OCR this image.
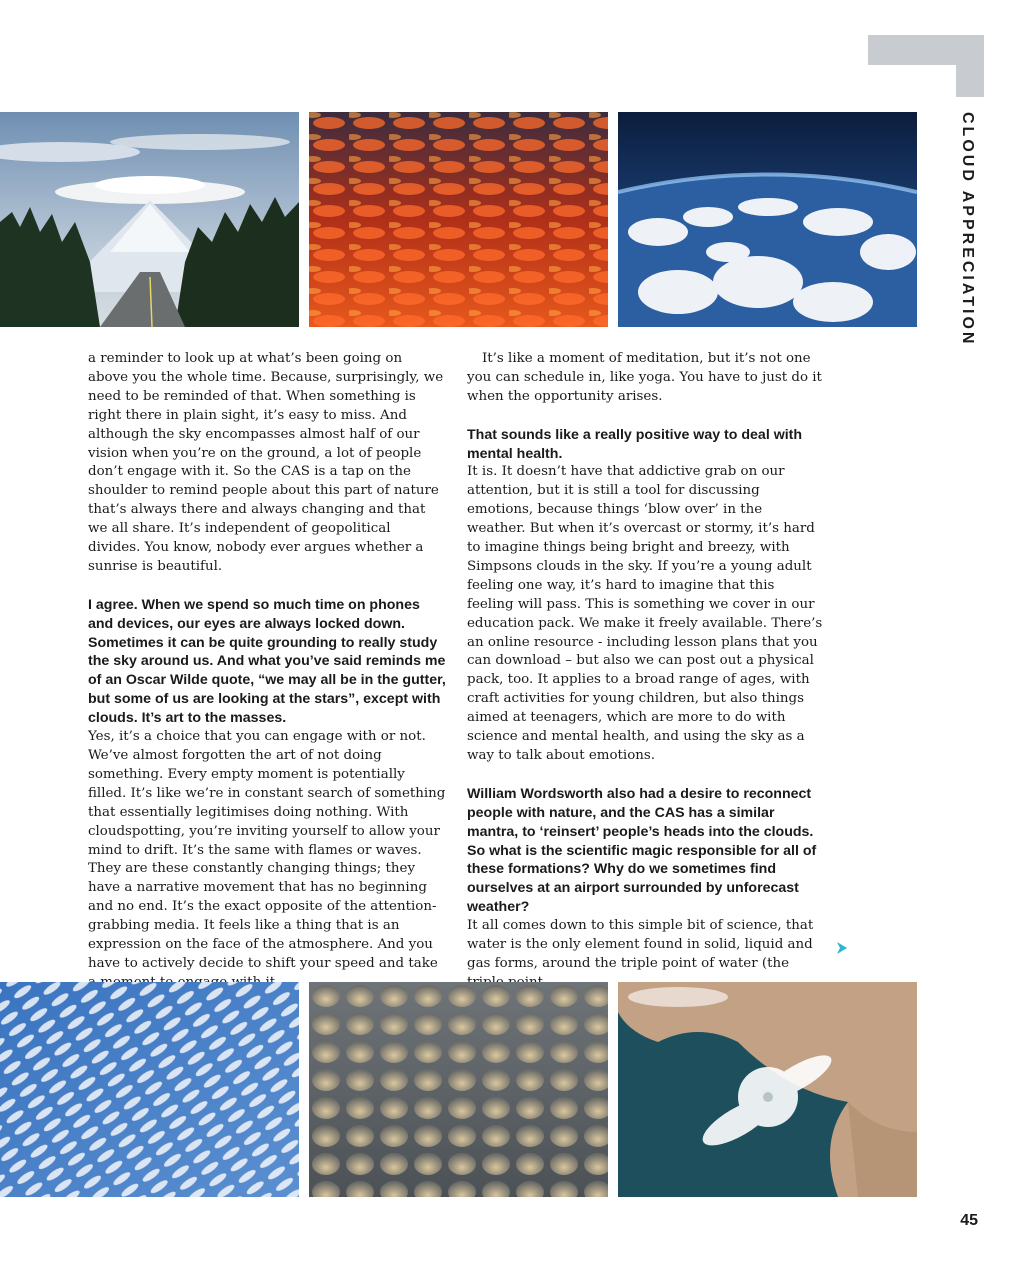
CLOUD APPRECIATION

a reminder to look up at what’s been going on above you the whole time. Because, surprisingly, we need to be reminded of that. When something is right there in plain sight, it’s easy to miss. And although the sky encompasses almost half of our vision when you’re on the ground, a lot of people don’t engage with it. So the CAS is a tap on the shoulder to remind people about this part of nature that’s always there and always changing and that we all share. It’s independent of geopolitical divides. You know, nobody ever argues whether a sunrise is beautiful.

I agree. When we spend so much time on phones and devices, our eyes are always locked down. Sometimes it can be quite grounding to really study the sky around us. And what you’ve said reminds me of an Oscar Wilde quote, “we may all be in the gutter, but some of us are looking at the stars”, except with clouds. It’s art to the masses.
Yes, it’s a choice that you can engage with or not. We’ve almost forgotten the art of not doing something. Every empty moment is potentially filled. It’s like we’re in constant search of something that essentially legitimises doing nothing. With cloudspotting, you’re inviting yourself to allow your mind to drift. It’s the same with flames or waves. They are these constantly changing things; they have a narrative movement that has no beginning and no end. It’s the exact opposite of the attention-grabbing media. It feels like a thing that is an expression on the face of the atmosphere. And you have to actively decide to shift your speed and take

It’s like a moment of meditation, but it’s not one you can schedule in, like yoga. You have to just do it when the opportunity arises.

That sounds like a really positive way to deal with mental health.
It is. It doesn’t have that addictive grab on our attention, but it is still a tool for discussing emotions, because things ‘blow over’ in the weather. But when it’s overcast or stormy, it’s hard to imagine things being bright and breezy, with Simpsons clouds in the sky. If you’re a young adult feeling one way, it’s hard to imagine that this feeling will pass. This is something we cover in our education pack. We make it freely available. There’s an online resource - including lesson plans that you can download – but also we can post out a physical pack, too. It applies to a broad range of ages, with craft activities for young children, but also things aimed at teenagers, which are more to do with science and mental health, and using the sky as a way to talk about emotions.

William Wordsworth also had a desire to reconnect people with nature, and the CAS has a similar mantra, to ‘reinsert’ people’s heads into the clouds. So what is the scientific magic responsible for all of these formations? Why do we sometimes find ourselves at an airport surrounded by unforecast weather?
It all comes down to this simple bit of science, that water is the only element found in solid, liquid and gas forms, around the triple point of water (the

45
